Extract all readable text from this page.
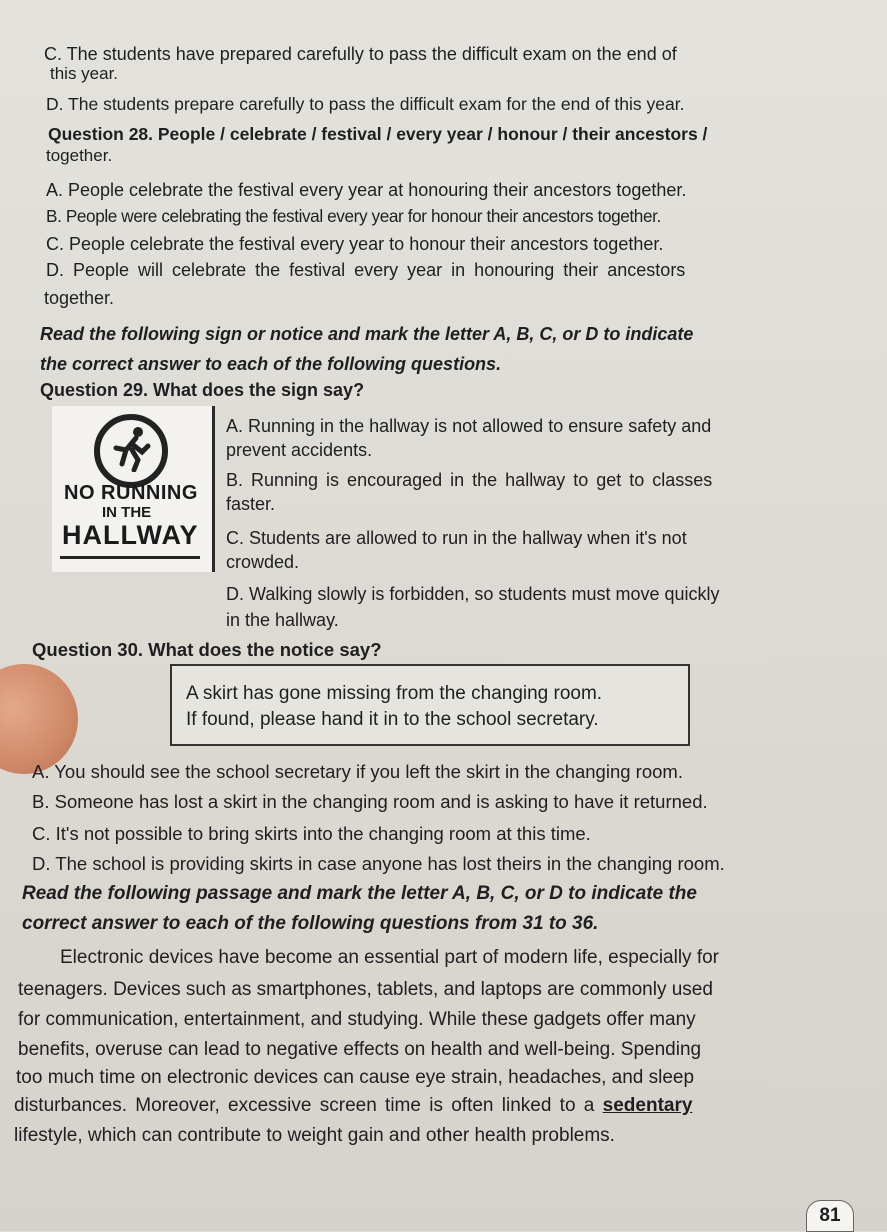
C. The students have prepared carefully to pass the difficult exam on the end of
this year.
D. The students prepare carefully to pass the difficult exam for the end of this year.
Question 28. People / celebrate / festival / every year / honour / their ancestors /
together.
A. People celebrate the festival every year at honouring their ancestors together.
B. People were celebrating the festival every year for honour their ancestors together.
C. People celebrate the festival every year to honour their ancestors together.
D. People will celebrate the festival every year in honouring their ancestors
together.
Read the following sign or notice and mark the letter A, B, C, or D to indicate
the correct answer to each of the following questions.
Question 29. What does the sign say?
NO RUNNING
IN THE
HALLWAY
A. Running in the hallway is not allowed to ensure safety and
prevent accidents.
B. Running is encouraged in the hallway to get to classes
faster.
C. Students are allowed to run in the hallway when it's not
crowded.
D. Walking slowly is forbidden, so students must move quickly
in the hallway.
Question 30. What does the notice say?
A skirt has gone missing from the changing room.
If found, please hand it in to the school secretary.
A. You should see the school secretary if you left the skirt in the changing room.
B. Someone has lost a skirt in the changing room and is asking to have it returned.
C. It's not possible to bring skirts into the changing room at this time.
D. The school is providing skirts in case anyone has lost theirs in the changing room.
Read the following passage and mark the letter A, B, C, or D to indicate the
correct answer to each of the following questions from 31 to 36.
Electronic devices have become an essential part of modern life, especially for
teenagers. Devices such as smartphones, tablets, and laptops are commonly used
for communication, entertainment, and studying. While these gadgets offer many
benefits, overuse can lead to negative effects on health and well-being. Spending
too much time on electronic devices can cause eye strain, headaches, and sleep
disturbances. Moreover, excessive screen time is often linked to a sedentary
lifestyle, which can contribute to weight gain and other health problems.
81
